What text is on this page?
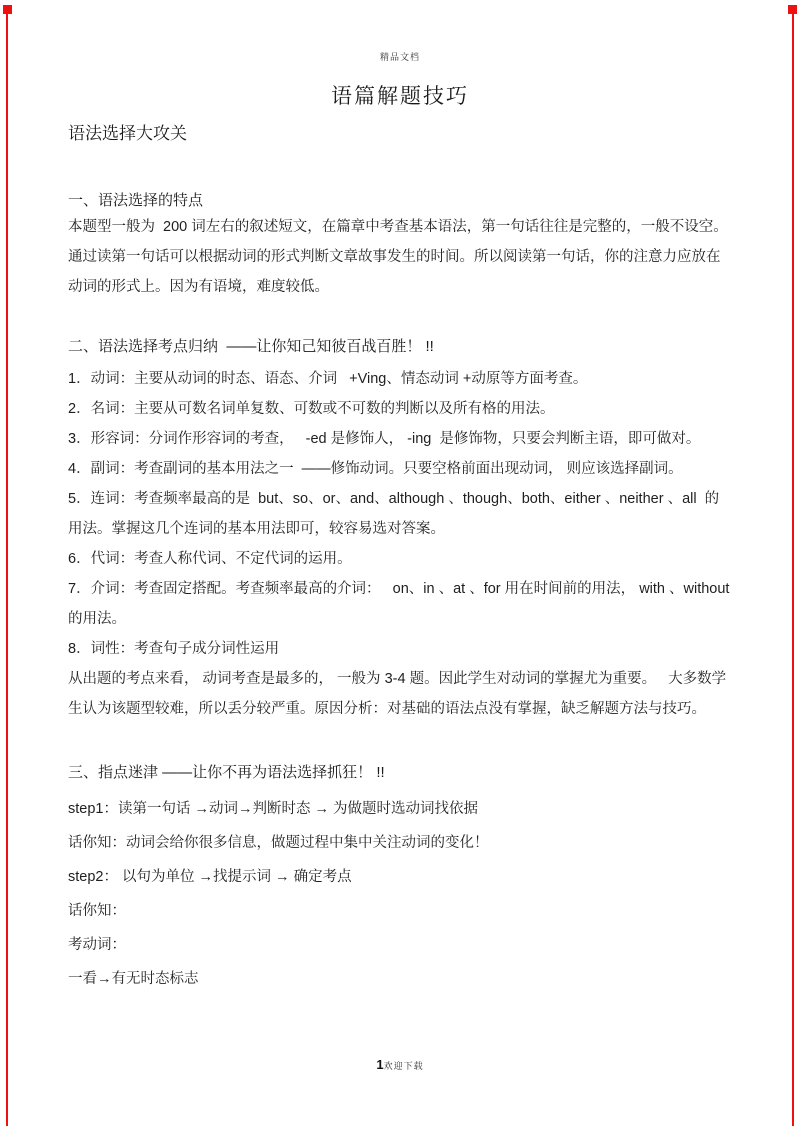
精品文档
语篇解题技巧
语法选择大攻关
一、语法选择的特点

本题型一般为  200 词左右的叙述短文，在篇章中考查基本语法，第一句话往往是完整的，一般不设空。通过读第一句话可以根据动词的形式判断文章故事发生的时间。所以阅读第一句话，你的注意力应放在动词的形式上。因为有语境，难度较低。

二、语法选择考点归纳  ——让你知己知彼百战百胜！ !!

1．动词：主要从动词的时态、语态、介词   +Ving、情态动词 +动原等方面考查。

2．名词：主要从可数名词单复数、可数或不可数的判断以及所有格的用法。

3．形容词：分词作形容词的考查，   -ed 是修饰人， -ing  是修饰物，只要会判断主语，即可做对。

4．副词：考查副词的基本用法之一  ——修饰动词。只要空格前面出现动词， 则应该选择副词。

5．连词：考查频率最高的是  but、so、or、and、although 、though、both、either 、neither 、all  的用法。掌握这几个连词的基本用法即可，较容易选对答案。

6．代词：考查人称代词、不定代词的运用。

7．介词：考查固定搭配。考查频率最高的介词：   on、in 、at 、for 用在时间前的用法， with 、without  的用法。

8．词性：考查句子成分词性运用

从出题的考点来看， 动词考查是最多的， 一般为 3-4 题。因此学生对动词的掌握尤为重要。   大多数学生认为该题型较难，所以丢分较严重。原因分析：对基础的语法点没有掌握，缺乏解题方法与技巧。

三、指点迷津 ——让你不再为语法选择抓狂！ !!

step1：读第一句话 →动词→判断时态 → 为做题时选动词找依据

话你知：动词会给你很多信息，做题过程中集中关注动词的变化！

step2： 以句为单位 →找提示词 → 确定考点

话你知：

考动词：

一看→有无时态标志

1欢迎下载
